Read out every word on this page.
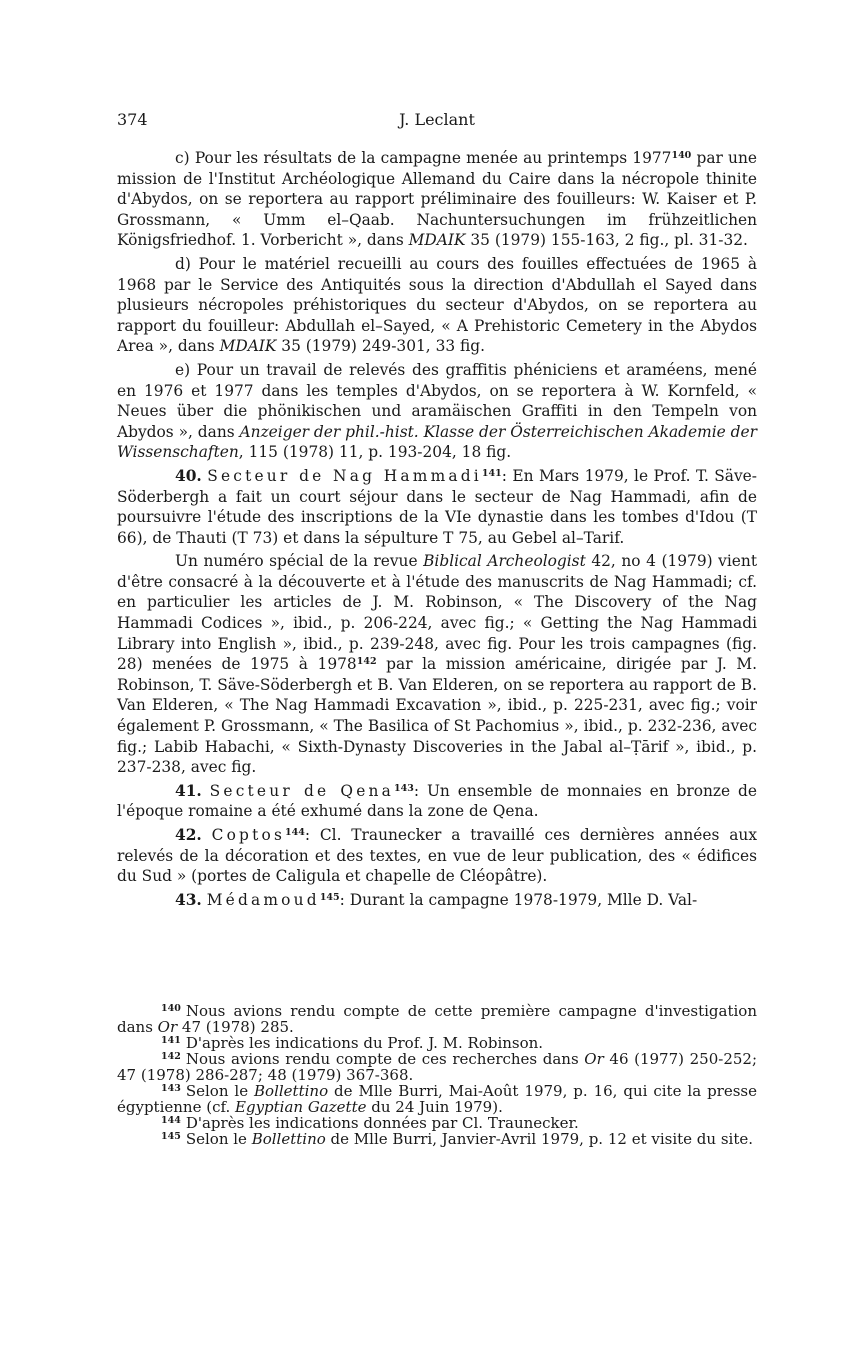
374	J. Leclant

c) Pour les résultats de la campagne menée au printemps 1977$^{140}$ par une mission de l'Institut Archéologique Allemand du Caire dans la nécropole thinite d'Abydos, on se reportera au rapport préliminaire des fouilleurs: W. Kaiser et P. Grossmann, « Umm el–Qaab. Nachuntersuchungen im frühzeitlichen Königsfriedhof. 1. Vorbericht », dans MDAIK 35 (1979) 155-163, 2 fig., pl. 31-32.

d) Pour le matériel recueilli au cours des fouilles effectuées de 1965 à 1968 par le Service des Antiquités sous la direction d'Abdullah el Sayed dans plusieurs nécropoles préhistoriques du secteur d'Abydos, on se reportera au rapport du fouilleur: Abdullah el–Sayed, « A Prehistoric Cemetery in the Abydos Area », dans MDAIK 35 (1979) 249-301, 33 fig.

e) Pour un travail de relevés des graffitis phéniciens et araméens, mené en 1976 et 1977 dans les temples d'Abydos, on se reportera à W. Kornfeld, « Neues über die phönikischen und aramäischen Graffiti in den Tempeln von Abydos », dans Anzeiger der phil.-hist. Klasse der Österreichischen Akademie der Wissenschaften, 115 (1978) 11, p. 193-204, 18 fig.

40. Secteur de Nag Hammadi$^{141}$: En Mars 1979, le Prof. T. Säve-Söderbergh a fait un court séjour dans le secteur de Nag Hammadi, afin de poursuivre l'étude des inscriptions de la VIe dynastie dans les tombes d'Idou (T 66), de Thauti (T 73) et dans la sépulture T 75, au Gebel al–Tarif.

Un numéro spécial de la revue Biblical Archeologist 42, no 4 (1979) vient d'être consacré à la découverte et à l'étude des manuscrits de Nag Hammadi; cf. en particulier les articles de J. M. Robinson, « The Discovery of the Nag Hammadi Codices », ibid., p. 206-224, avec fig.; « Getting the Nag Hammadi Library into English », ibid., p. 239-248, avec fig. Pour les trois campagnes (fig. 28) menées de 1975 à 1978$^{142}$ par la mission américaine, dirigée par J. M. Robinson, T. Säve-Söderbergh et B. Van Elderen, on se reportera au rapport de B. Van Elderen, « The Nag Hammadi Excavation », ibid., p. 225-231, avec fig.; voir également P. Grossmann, « The Basilica of St Pachomius », ibid., p. 232-236, avec fig.; Labib Habachi, « Sixth-Dynasty Discoveries in the Jabal al–Ṭārif », ibid., p. 237-238, avec fig.

41. Secteur de Qena$^{143}$: Un ensemble de monnaies en bronze de l'époque romaine a été exhumé dans la zone de Qena.

42. Coptos$^{144}$: Cl. Traunecker a travaillé ces dernières années aux relevés de la décoration et des textes, en vue de leur publication, des « édifices du Sud » (portes de Caligula et chapelle de Cléopâtre).

43. Médamoud$^{145}$: Durant la campagne 1978-1979, Mlle D. Val-

$^{140}$ Nous avions rendu compte de cette première campagne d'investigation dans Or 47 (1978) 285.

$^{141}$ D'après les indications du Prof. J. M. Robinson.

$^{142}$ Nous avions rendu compte de ces recherches dans Or 46 (1977) 250-252; 47 (1978) 286-287; 48 (1979) 367-368.

$^{143}$ Selon le Bollettino de Mlle Burri, Mai-Août 1979, p. 16, qui cite la presse égyptienne (cf. Egyptian Gazette du 24 Juin 1979).

$^{144}$ D'après les indications données par Cl. Traunecker.

$^{145}$ Selon le Bollettino de Mlle Burri, Janvier-Avril 1979, p. 12 et visite du site.
